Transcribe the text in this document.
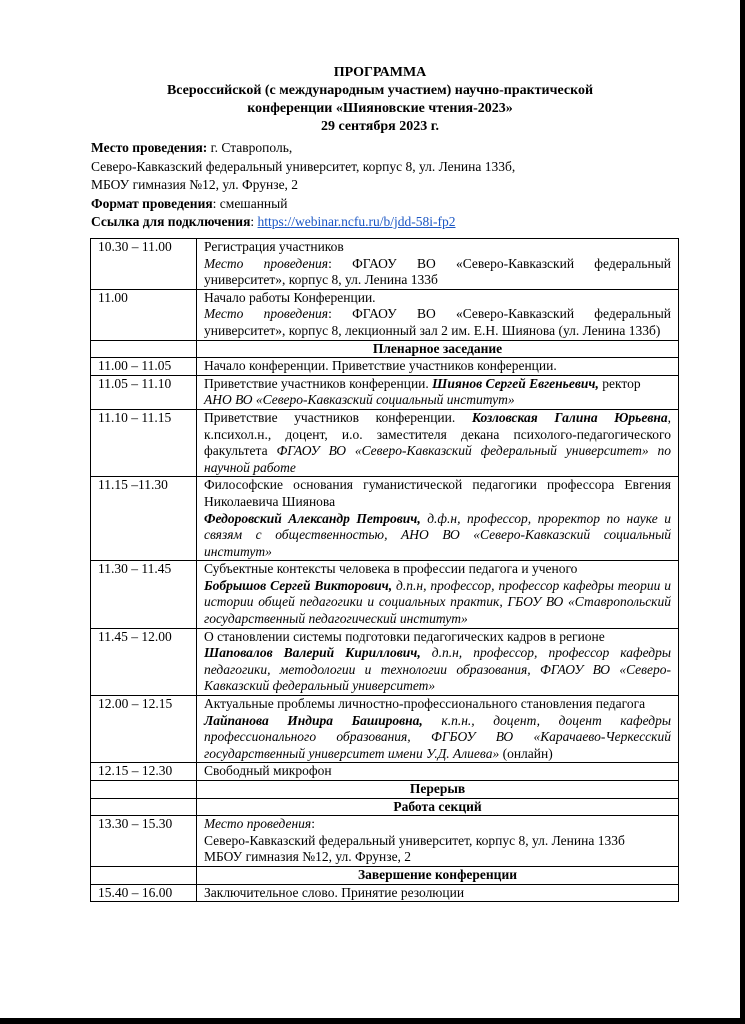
ПРОГРАММА
Всероссийской (с международным участием) научно-практической
конференции «Шияновские чтения-2023»
29 сентября 2023 г.
Место проведения: г. Ставрополь,
Северо-Кавказский федеральный университет, корпус 8, ул. Ленина 133б,
МБОУ гимназия №12, ул. Фрунзе, 2
Формат проведения: смешанный
Ссылка для подключения: https://webinar.ncfu.ru/b/jdd-58i-fp2
10.30 – 11.00	Регистрация участников
Место проведения: ФГАОУ ВО «Северо-Кавказский федеральный университет», корпус 8, ул. Ленина 133б
11.00	Начало работы Конференции.
Место проведения: ФГАОУ ВО «Северо-Кавказский федеральный университет», корпус 8, лекционный зал 2 им. Е.Н. Шиянова (ул. Ленина 133б)
	Пленарное заседание
11.00 – 11.05	Начало конференции. Приветствие участников конференции.
11.05 – 11.10	Приветствие участников конференции. Шиянов Сергей Евгеньевич, ректор
АНО ВО «Северо-Кавказский социальный институт»
11.10 – 11.15	Приветствие участников конференции. Козловская Галина Юрьевна, к.психол.н., доцент, и.о. заместителя декана психолого-педагогического факультета ФГАОУ ВО «Северо-Кавказский федеральный университет» по научной работе
11.15 –11.30	Философские основания гуманистической педагогики профессора Евгения Николаевича Шиянова
Федоровский Александр Петрович, д.ф.н, профессор, проректор по науке и связям с общественностью, АНО ВО «Северо-Кавказский социальный институт»
11.30 – 11.45	Субъектные контексты человека в профессии педагога и ученого
Бобрышов Сергей Викторович, д.п.н, профессор, профессор кафедры теории и истории общей педагогики и социальных практик, ГБОУ ВО «Ставропольский государственный педагогический институт»
11.45 – 12.00	О становлении системы подготовки педагогических кадров в регионе
Шаповалов Валерий Кириллович, д.п.н, профессор, профессор кафедры педагогики, методологии и технологии образования, ФГАОУ ВО «Северо-Кавказский федеральный университет»
12.00 – 12.15	Актуальные проблемы личностно-профессионального становления педагога
Лайпанова Индира Башировна, к.п.н., доцент, доцент кафедры профессионального образования, ФГБОУ ВО «Карачаево-Черкесский государственный университет имени У.Д. Алиева» (онлайн)
12.15 – 12.30	Свободный микрофон
	Перерыв
	Работа секций
13.30 – 15.30	Место проведения:
Северо-Кавказский федеральный университет, корпус 8, ул. Ленина 133б
МБОУ гимназия №12, ул. Фрунзе, 2
	Завершение конференции
15.40 – 16.00	Заключительное слово. Принятие резолюции
